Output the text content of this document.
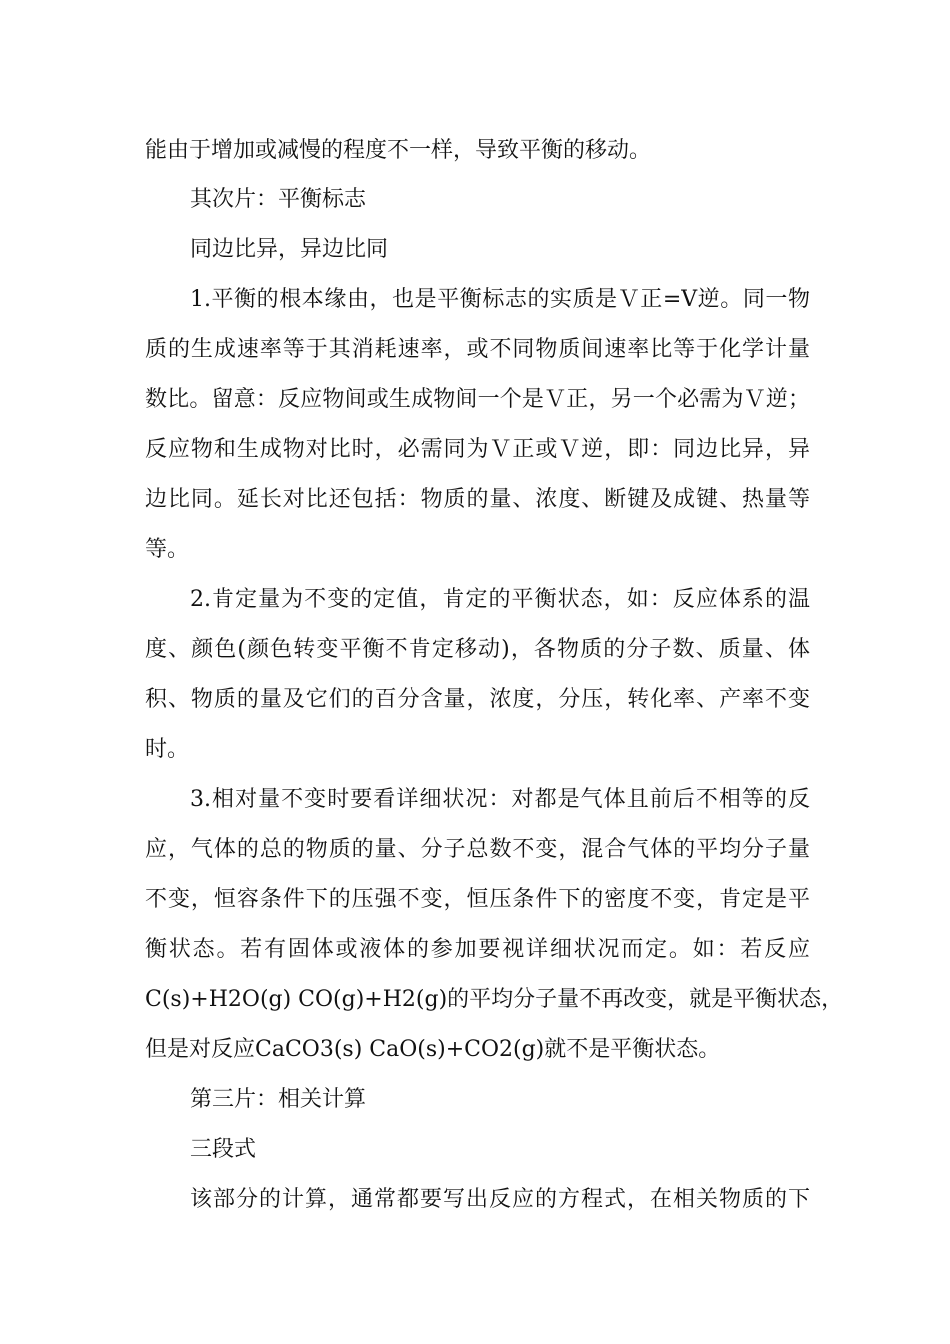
能由于增加或减慢的程度不一样，导致平衡的移动。
其次片：平衡标志
同边比异，异边比同
1.平衡的根本缘由，也是平衡标志的实质是Ｖ正=V逆。同一物
质的生成速率等于其消耗速率，或不同物质间速率比等于化学计量
数比。留意：反应物间或生成物间一个是Ｖ正，另一个必需为Ｖ逆；
反应物和生成物对比时，必需同为Ｖ正或Ｖ逆，即：同边比异，异
边比同。延长对比还包括：物质的量、浓度、断键及成键、热量等
等。
2.肯定量为不变的定值，肯定的平衡状态，如：反应体系的温
度、颜色(颜色转变平衡不肯定移动)，各物质的分子数、质量、体
积、物质的量及它们的百分含量，浓度，分压，转化率、产率不变
时。
3.相对量不变时要看详细状况：对都是气体且前后不相等的反
应，气体的总的物质的量、分子总数不变，混合气体的平均分子量
不变，恒容条件下的压强不变，恒压条件下的密度不变，肯定是平
衡状态。若有固体或液体的参加要视详细状况而定。如：若反应
C(s)+H2O(g) CO(g)+H2(g)的平均分子量不再改变，就是平衡状态，
但是对反应CaCO3(s) CaO(s)+CO2(g)就不是平衡状态。
第三片：相关计算
三段式
该部分的计算，通常都要写出反应的方程式，在相关物质的下
